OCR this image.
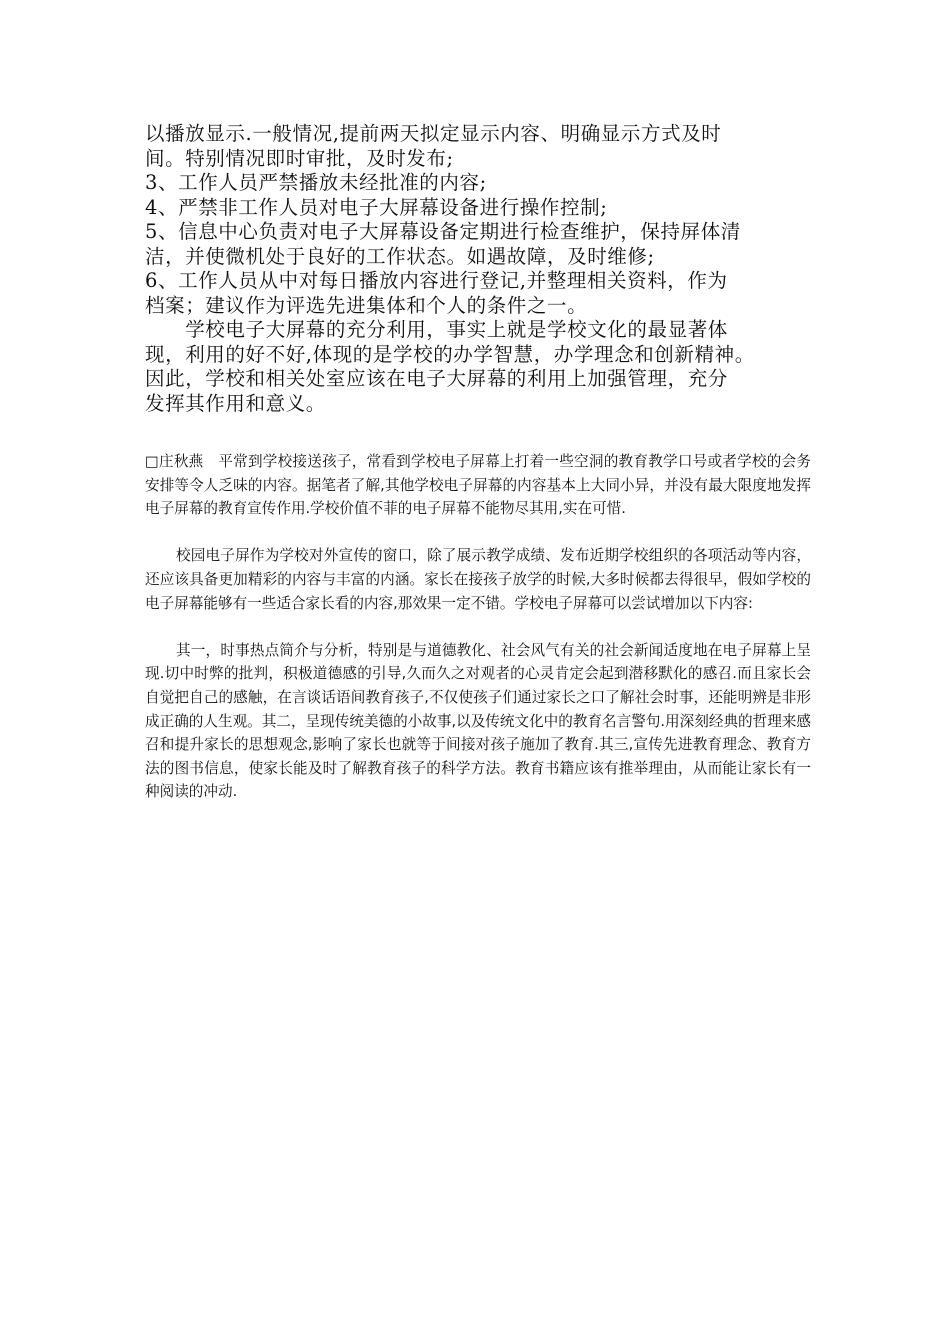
以播放显示.一般情况,提前两天拟定显示内容、明确显示方式及时
间。特别情况即时审批，及时发布;
3、工作人员严禁播放未经批准的内容;
4、严禁非工作人员对电子大屏幕设备进行操作控制;
5、信息中心负责对电子大屏幕设备定期进行检查维护，保持屏体清
洁，并使微机处于良好的工作状态。如遇故障，及时维修;
6、工作人员从中对每日播放内容进行登记,并整理相关资料，作为
档案；建议作为评选先进集体和个人的条件之一。
　　学校电子大屏幕的充分利用，事实上就是学校文化的最显著体
现，利用的好不好,体现的是学校的办学智慧，办学理念和创新精神。
因此，学校和相关处室应该在电子大屏幕的利用上加强管理，充分
发挥其作用和意义。

□庄秋燕　平常到学校接送孩子，常看到学校电子屏幕上打着一些空洞的教育教学口号或者学校的会务安排等令人乏味的内容。据笔者了解,其他学校电子屏幕的内容基本上大同小异，并没有最大限度地发挥电子屏幕的教育宣传作用.学校价值不菲的电子屏幕不能物尽其用,实在可惜.

校园电子屏作为学校对外宣传的窗口，除了展示教学成绩、发布近期学校组织的各项活动等内容，还应该具备更加精彩的内容与丰富的内涵。家长在接孩子放学的时候,大多时候都去得很早，假如学校的电子屏幕能够有一些适合家长看的内容,那效果一定不错。学校电子屏幕可以尝试增加以下内容:

其一，时事热点简介与分析，特别是与道德教化、社会风气有关的社会新闻适度地在电子屏幕上呈现.切中时弊的批判，积极道德感的引导,久而久之对观者的心灵肯定会起到潜移默化的感召.而且家长会自觉把自己的感触，在言谈话语间教育孩子,不仅使孩子们通过家长之口了解社会时事，还能明辨是非形成正确的人生观。其二，呈现传统美德的小故事,以及传统文化中的教育名言警句.用深刻经典的哲理来感召和提升家长的思想观念,影响了家长也就等于间接对孩子施加了教育.其三,宣传先进教育理念、教育方法的图书信息，使家长能及时了解教育孩子的科学方法。教育书籍应该有推举理由，从而能让家长有一种阅读的冲动.
